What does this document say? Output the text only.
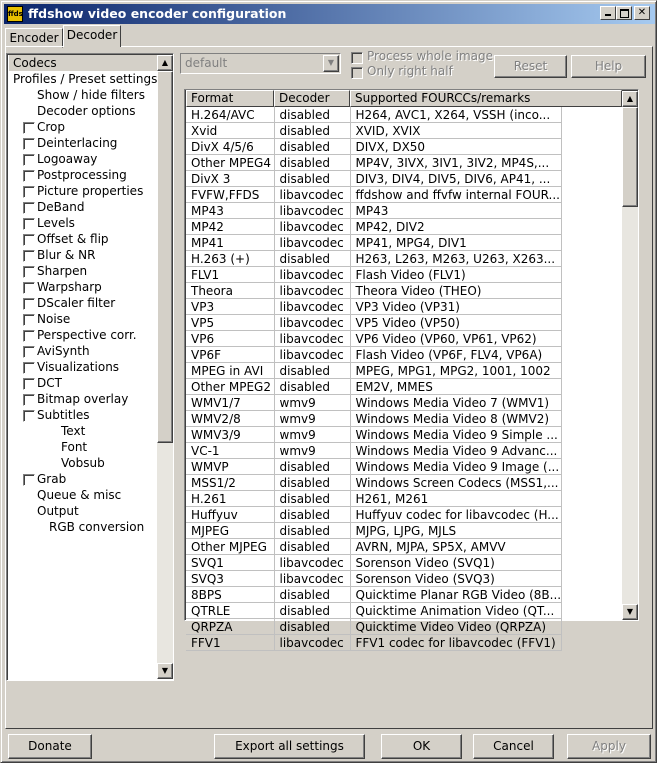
ffds ffdshow video encoder configuration	✕
Encoder Decoder
Codecs
Profiles / Preset settings
Show / hide filters
Decoder options
Crop
Deinterlacing
Logoaway
Postprocessing
Picture properties
DeBand
Levels
Offset & flip
Blur & NR
Sharpen
Warpsharp
DScaler filter
Noise
Perspective corr.
AviSynth
Visualizations
DCT
Bitmap overlay
Subtitles
Text
Font
Vobsub
Grab
Queue & misc
Output
RGB conversion
▲
▼
default	▼	Process whole image
Only right half	Reset	Help
Format	Decoder	Supported FOURCCs/remarks
H.264/AVC	disabled	H264, AVC1, X264, VSSH (inco...
Xvid	disabled	XVID, XVIX
DivX 4/5/6	disabled	DIVX, DX50
Other MPEG4	disabled	MP4V, 3IVX, 3IV1, 3IV2, MP4S,...
DivX 3	disabled	DIV3, DIV4, DIV5, DIV6, AP41, ...
FVFW,FFDS	libavcodec	ffdshow and ffvfw internal FOUR...
MP43	libavcodec	MP43
MP42	libavcodec	MP42, DIV2
MP41	libavcodec	MP41, MPG4, DIV1
H.263 (+)	disabled	H263, L263, M263, U263, X263...
FLV1	libavcodec	Flash Video (FLV1)
Theora	libavcodec	Theora Video (THEO)
VP3	libavcodec	VP3 Video (VP31)
VP5	libavcodec	VP5 Video (VP50)
VP6	libavcodec	VP6 Video (VP60, VP61, VP62)
VP6F	libavcodec	Flash Video (VP6F, FLV4, VP6A)
MPEG in AVI	disabled	MPEG, MPG1, MPG2, 1001, 1002
Other MPEG2	disabled	EM2V, MMES
WMV1/7	wmv9	Windows Media Video 7 (WMV1)
WMV2/8	wmv9	Windows Media Video 8 (WMV2)
WMV3/9	wmv9	Windows Media Video 9 Simple ...
VC-1	wmv9	Windows Media Video 9 Advanc...
WMVP	disabled	Windows Media Video 9 Image (...
MSS1/2	disabled	Windows Screen Codecs (MSS1,...
H.261	disabled	H261, M261
Huffyuv	disabled	Huffyuv codec for libavcodec (H...
MJPEG	disabled	MJPG, LJPG, MJLS
Other MJPEG	disabled	AVRN, MJPA, SP5X, AMVV
SVQ1	libavcodec	Sorenson Video (SVQ1)
SVQ3	libavcodec	Sorenson Video (SVQ3)
8BPS	disabled	Quicktime Planar RGB Video (8B...
QTRLE	disabled	Quicktime Animation Video (QT...
QRPZA	disabled	Quicktime Video Video (QRPZA)
FFV1	libavcodec	FFV1 codec for libavcodec (FFV1)
▲
▼
Donate	Export all settings	OK	Cancel	Apply
